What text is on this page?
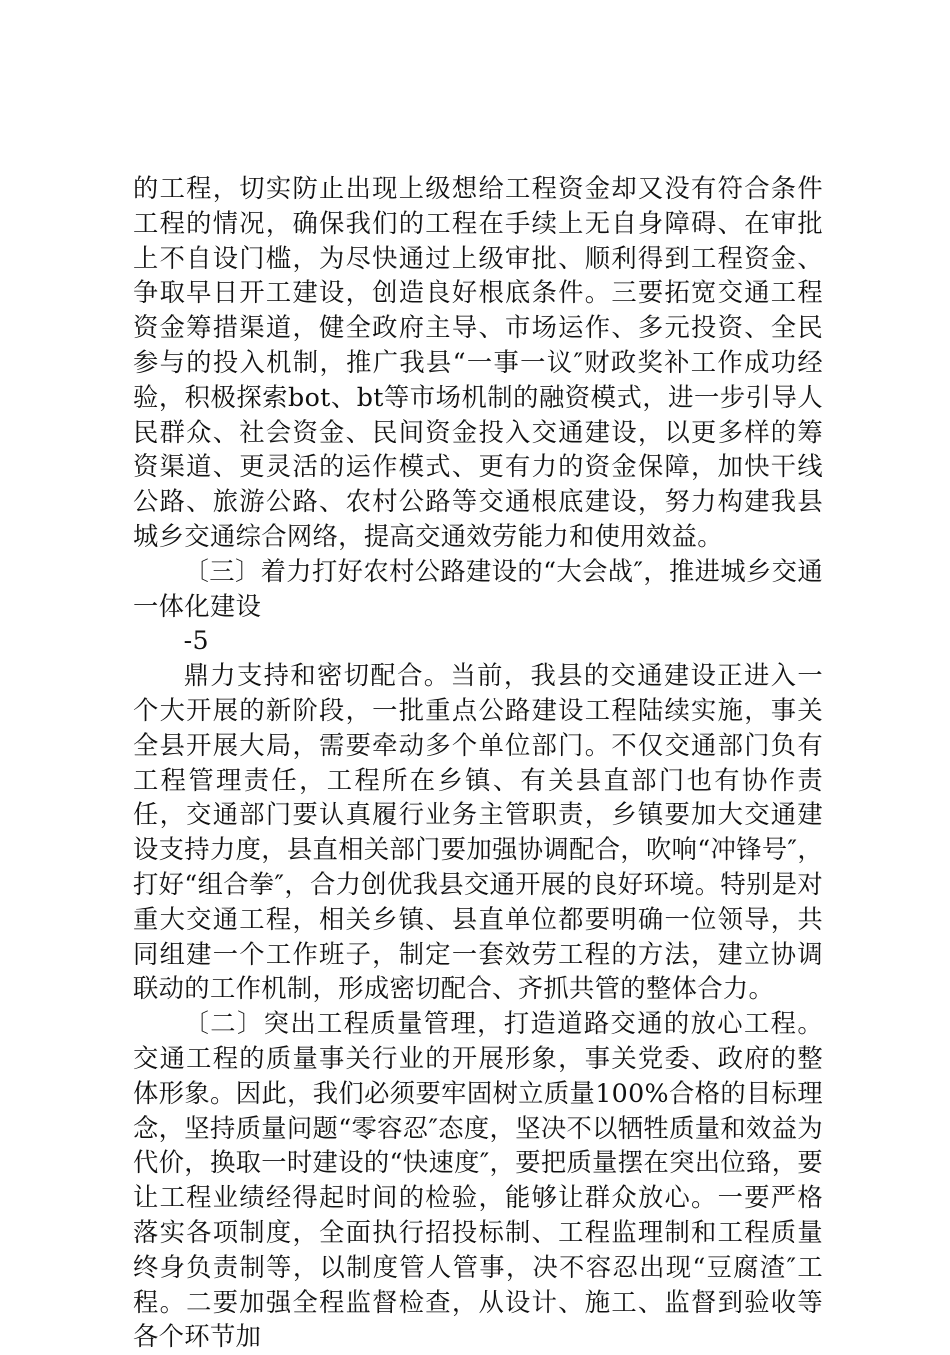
的工程，切实防止出现上级想给工程资金却又没有符合条件工程的情况，确保我们的工程在手续上无自身障碍、在审批上不自设门槛，为尽快通过上级审批、顺利得到工程资金、争取早日开工建设，创造良好根底条件。三要拓宽交通工程资金筹措渠道，健全政府主导、市场运作、多元投资、全民参与的投入机制，推广我县“一事一议″财政奖补工作成功经验，积极探索bot、bt等市场机制的融资模式，进一步引导人民群众、社会资金、民间资金投入交通建设，以更多样的筹资渠道、更灵活的运作模式、更有力的资金保障，加快干线公路、旅游公路、农村公路等交通根底建设，努力构建我县城乡交通综合网络，提高交通效劳能力和使用效益。

〔三〕着力打好农村公路建设的“大会战″，推进城乡交通一体化建设

-5

鼎力支持和密切配合。当前，我县的交通建设正进入一个大开展的新阶段，一批重点公路建设工程陆续实施，事关全县开展大局，需要牵动多个单位部门。不仅交通部门负有工程管理责任，工程所在乡镇、有关县直部门也有协作责任，交通部门要认真履行业务主管职责，乡镇要加大交通建设支持力度，县直相关部门要加强协调配合，吹响“冲锋号″，打好“组合拳″，合力创优我县交通开展的良好环境。特别是对重大交通工程，相关乡镇、县直单位都要明确一位领导，共同组建一个工作班子，制定一套效劳工程的方法，建立协调联动的工作机制，形成密切配合、齐抓共管的整体合力。

〔二〕突出工程质量管理，打造道路交通的放心工程。交通工程的质量事关行业的开展形象，事关党委、政府的整体形象。因此，我们必须要牢固树立质量100%合格的目标理念，坚持质量问题“零容忍″态度，坚决不以牺牲质量和效益为代价，换取一时建设的“快速度″，要把质量摆在突出位臵，要让工程业绩经得起时间的检验，能够让群众放心。一要严格落实各项制度，全面执行招投标制、工程监理制和工程质量终身负责制等，以制度管人管事，决不容忍出现“豆腐渣″工程。二要加强全程监督检查，从设计、施工、监督到验收等各个环节加
